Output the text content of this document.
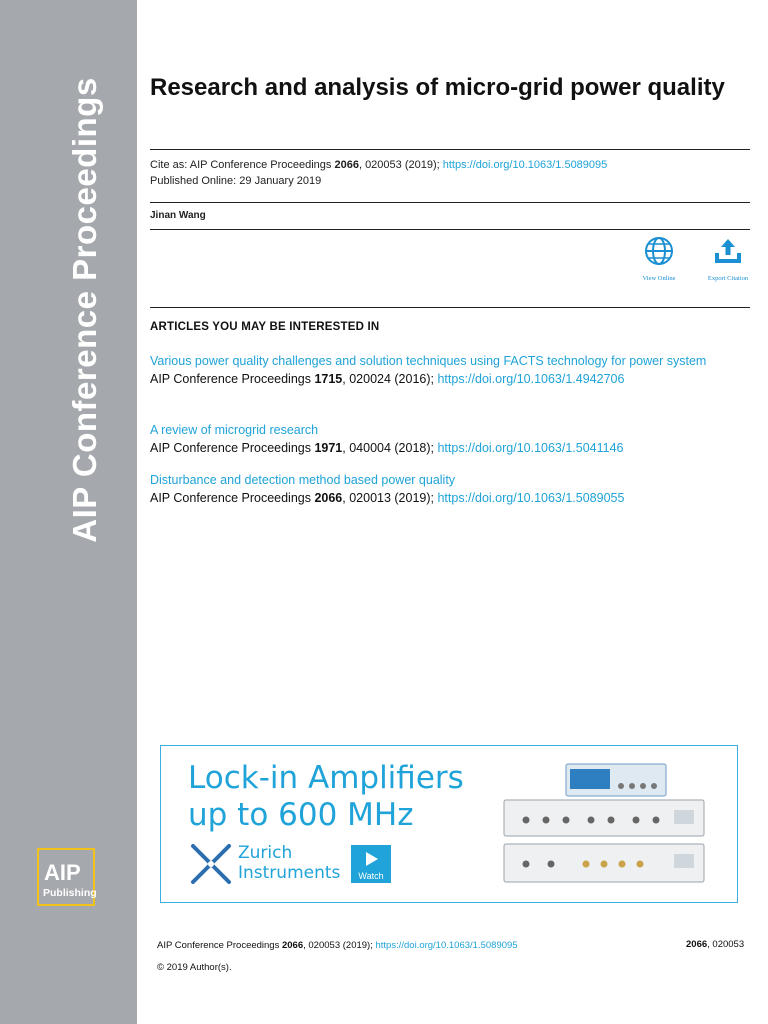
AIP Conference Proceedings
AIP
Publishing
Research and analysis of micro-grid power quality
Cite as: AIP Conference Proceedings 2066, 020053 (2019); https://doi.org/10.1063/1.5089095
Published Online: 29 January 2019
Jinan Wang
View Online	Export Citation
ARTICLES YOU MAY BE INTERESTED IN
Various power quality challenges and solution techniques using FACTS technology for power system
AIP Conference Proceedings 1715, 020024 (2016); https://doi.org/10.1063/1.4942706
A review of microgrid research
AIP Conference Proceedings 1971, 040004 (2018); https://doi.org/10.1063/1.5041146
Disturbance and detection method based power quality
AIP Conference Proceedings 2066, 020013 (2019); https://doi.org/10.1063/1.5089055
Lock-in Amplifiers
up to 600 MHz
Zurich
Instruments	Watch
AIP Conference Proceedings 2066, 020053 (2019); https://doi.org/10.1063/1.5089095	2066, 020053
© 2019 Author(s).
